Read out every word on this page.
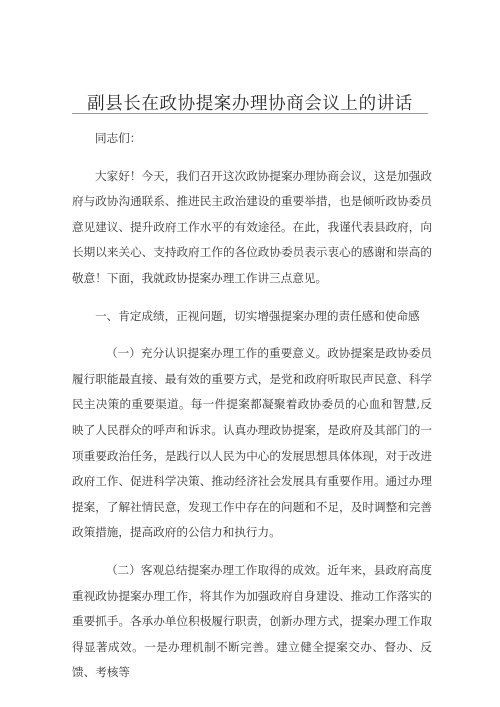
副县长在政协提案办理协商会议上的讲话

同志们：

大家好！今天，我们召开这次政协提案办理协商会议，这是加强政府与政协沟通联系、推进民主政治建设的重要举措，也是倾听政协委员意见建议、提升政府工作水平的有效途径。在此，我谨代表县政府，向长期以来关心、支持政府工作的各位政协委员表示衷心的感谢和崇高的敬意！下面，我就政协提案办理工作讲三点意见。

一、肯定成绩，正视问题，切实增强提案办理的责任感和使命感

（一）充分认识提案办理工作的重要意义。政协提案是政协委员履行职能最直接、最有效的重要方式，是党和政府听取民声民意、科学民主决策的重要渠道。每一件提案都凝聚着政协委员的心血和智慧,反映了人民群众的呼声和诉求。认真办理政协提案，是政府及其部门的一项重要政治任务，是践行以人民为中心的发展思想具体体现，对于改进政府工作、促进科学决策、推动经济社会发展具有重要作用。通过办理提案，了解社情民意，发现工作中存在的问题和不足，及时调整和完善政策措施，提高政府的公信力和执行力。

（二）客观总结提案办理工作取得的成效。近年来，县政府高度重视政协提案办理工作，将其作为加强政府自身建设、推动工作落实的重要抓手。各承办单位积极履行职责，创新办理方式，提案办理工作取得显著成效。一是办理机制不断完善。建立健全提案交办、督办、反馈、考核等
